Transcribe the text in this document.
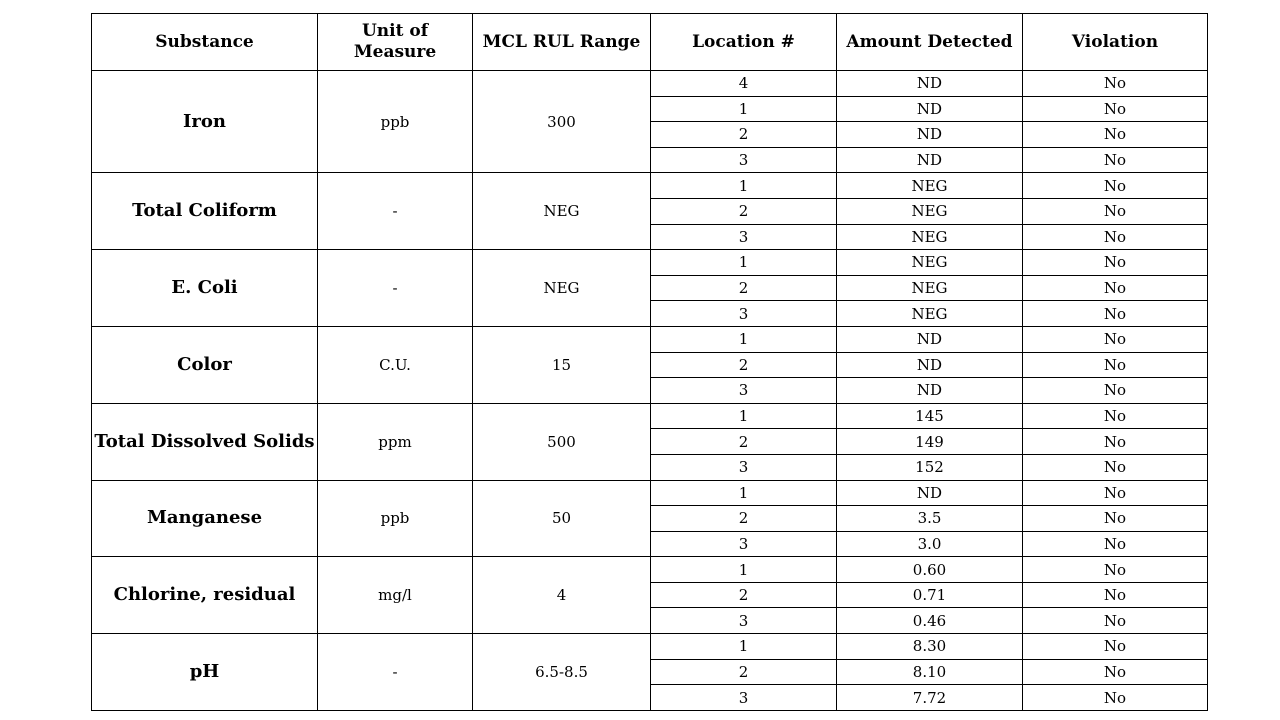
Substance	Unit of Measure	MCL RUL Range	Location #	Amount Detected	Violation
Iron	ppb	300	4	ND	No
			1	ND	No
			2	ND	No
			3	ND	No
Total Coliform	-	NEG	1	NEG	No
			2	NEG	No
			3	NEG	No
E. Coli	-	NEG	1	NEG	No
			2	NEG	No
			3	NEG	No
Color	C.U.	15	1	ND	No
			2	ND	No
			3	ND	No
Total Dissolved Solids	ppm	500	1	145	No
			2	149	No
			3	152	No
Manganese	ppb	50	1	ND	No
			2	3.5	No
			3	3.0	No
Chlorine, residual	mg/l	4	1	0.60	No
			2	0.71	No
			3	0.46	No
pH	-	6.5-8.5	1	8.30	No
			2	8.10	No
			3	7.72	No
